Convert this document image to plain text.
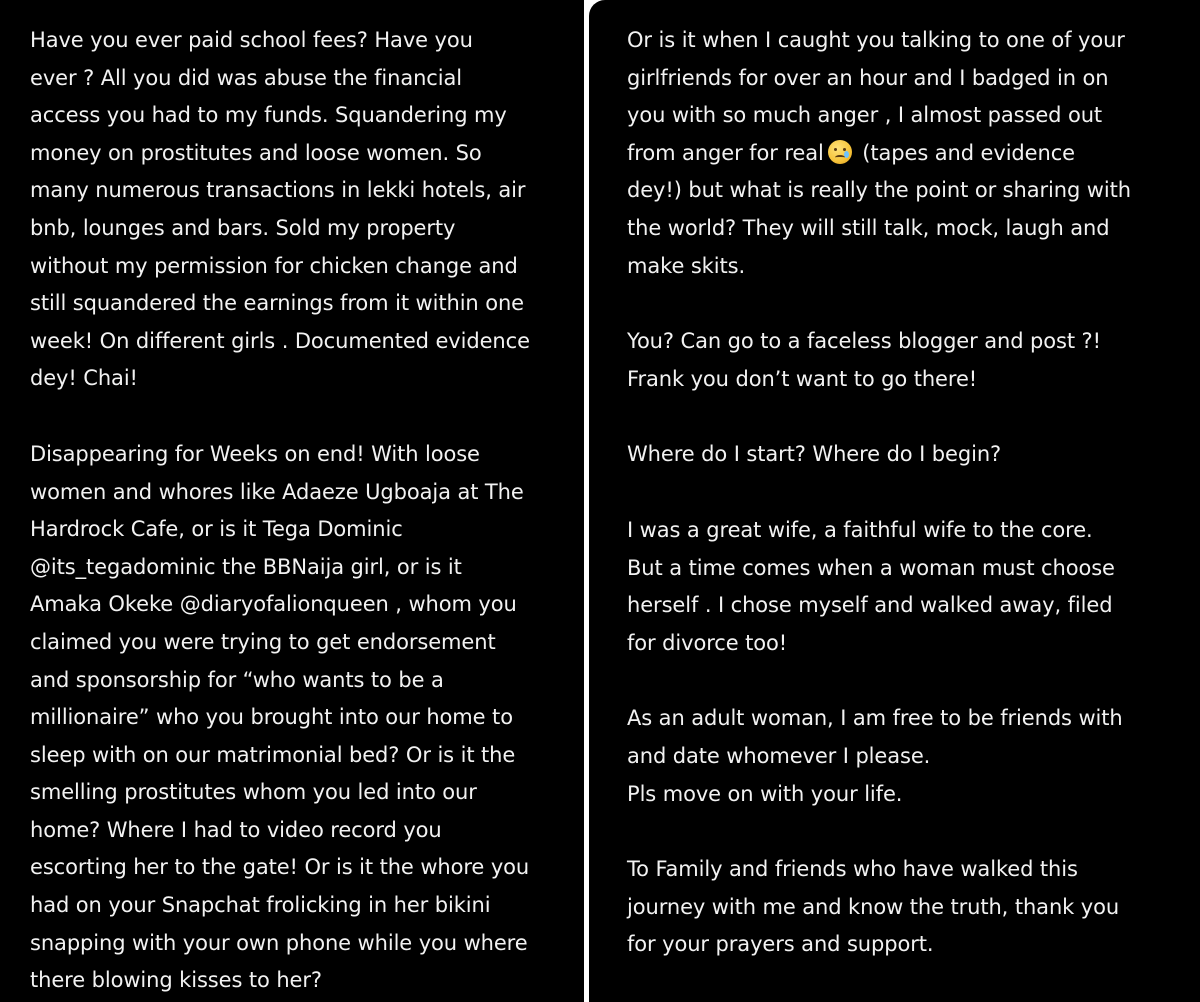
Have you ever paid school fees? Have you
ever ? All you did was abuse the financial
access you had to my funds. Squandering my
money on prostitutes and loose women. So
many numerous transactions in lekki hotels, air
bnb, lounges and bars. Sold my property
without my permission for chicken change and
still squandered the earnings from it within one
week! On different girls . Documented evidence
dey! Chai!
Disappearing for Weeks on end! With loose
women and whores like Adaeze Ugboaja at The
Hardrock Cafe, or is it Tega Dominic
@its_tegadominic the BBNaija girl, or is it
Amaka Okeke @diaryofalionqueen , whom you
claimed you were trying to get endorsement
and sponsorship for “who wants to be a
millionaire” who you brought into our home to
sleep with on our matrimonial bed? Or is it the
smelling prostitutes whom you led into our
home? Where I had to video record you
escorting her to the gate! Or is it the whore you
had on your Snapchat frolicking in her bikini
snapping with your own phone while you where
there blowing kisses to her?
Or is it when I caught you talking to one of your
girlfriends for over an hour and I badged in on
you with so much anger , I almost passed out
from anger for real
(tapes and evidence
dey!) but what is really the point or sharing with
the world? They will still talk, mock, laugh and
make skits.
You? Can go to a faceless blogger and post ?!
Frank you don’t want to go there!
Where do I start? Where do I begin?
I was a great wife, a faithful wife to the core.
But a time comes when a woman must choose
herself . I chose myself and walked away, filed
for divorce too!
As an adult woman, I am free to be friends with
and date whomever I please.
Pls move on with your life.
To Family and friends who have walked this
journey with me and know the truth, thank you
for your prayers and support.
